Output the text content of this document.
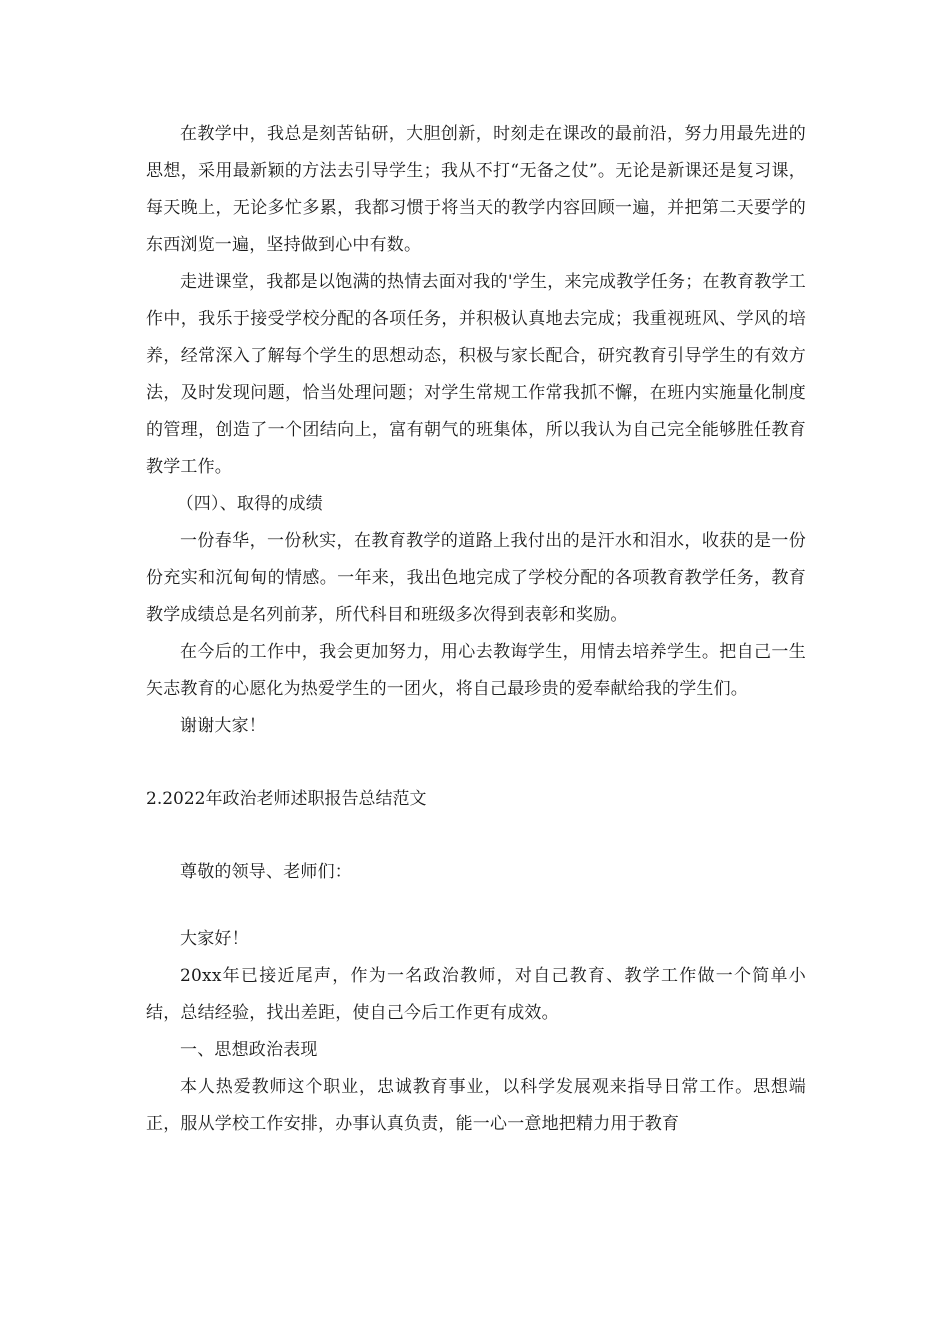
在教学中，我总是刻苦钻研，大胆创新，时刻走在课改的最前沿，努力用最先进的思想，采用最新颖的方法去引导学生；我从不打“无备之仗”。无论是新课还是复习课，每天晚上，无论多忙多累，我都习惯于将当天的教学内容回顾一遍，并把第二天要学的东西浏览一遍，坚持做到心中有数。

走进课堂，我都是以饱满的热情去面对我的'学生，来完成教学任务；在教育教学工作中，我乐于接受学校分配的各项任务，并积极认真地去完成；我重视班风、学风的培养，经常深入了解每个学生的思想动态，积极与家长配合，研究教育引导学生的有效方法，及时发现问题，恰当处理问题；对学生常规工作常我抓不懈，在班内实施量化制度的管理，创造了一个团结向上，富有朝气的班集体，所以我认为自己完全能够胜任教育教学工作。

（四）、取得的成绩

一份春华，一份秋实，在教育教学的道路上我付出的是汗水和泪水，收获的是一份份充实和沉甸甸的情感。一年来，我出色地完成了学校分配的各项教育教学任务，教育教学成绩总是名列前茅，所代科目和班级多次得到表彰和奖励。

在今后的工作中，我会更加努力，用心去教诲学生，用情去培养学生。把自己一生矢志教育的心愿化为热爱学生的一团火，将自己最珍贵的爱奉献给我的学生们。

谢谢大家！

2.2022年政治老师述职报告总结范文

尊敬的领导、老师们：

大家好！

20xx年已接近尾声，作为一名政治教师，对自己教育、教学工作做一个简单小结，总结经验，找出差距，使自己今后工作更有成效。

一、思想政治表现

本人热爱教师这个职业，忠诚教育事业，以科学发展观来指导日常工作。思想端正，服从学校工作安排，办事认真负责，能一心一意地把精力用于教育
